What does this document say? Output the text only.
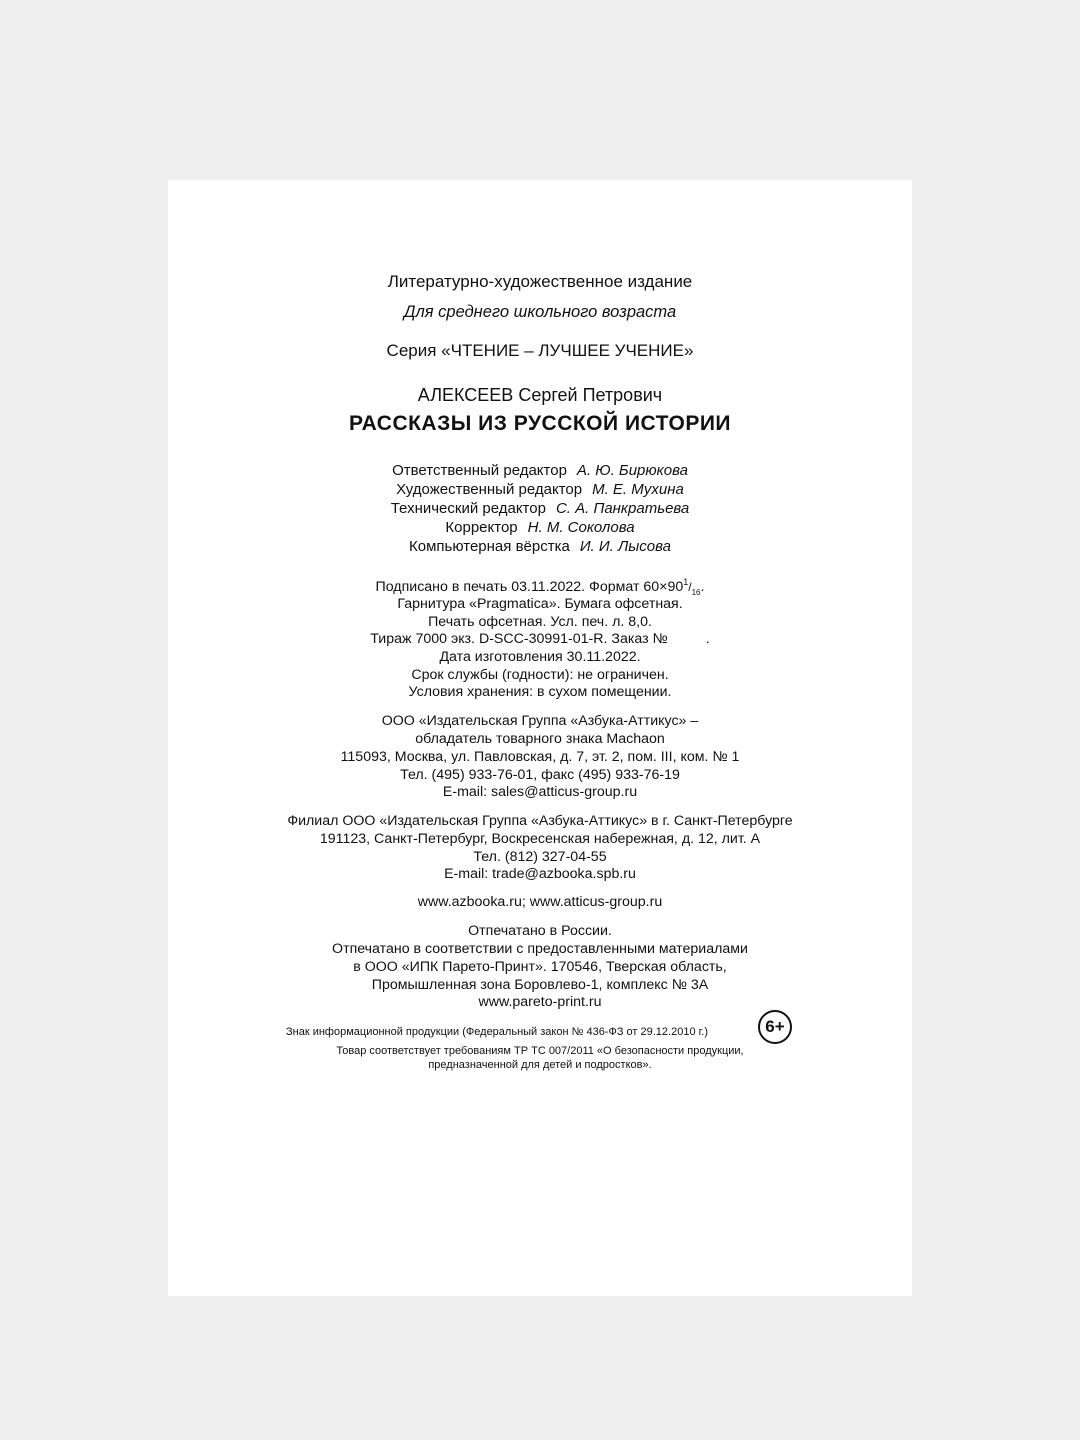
Литературно-художественное издание
Для среднего школьного возраста
Серия «ЧТЕНИЕ – ЛУЧШЕЕ УЧЕНИЕ»
АЛЕКСЕЕВ Сергей Петрович
РАССКАЗЫ ИЗ РУССКОЙ ИСТОРИИ
Ответственный редактор А. Ю. Бирюкова
Художественный редактор М. Е. Мухина
Технический редактор С. А. Панкратьева
Корректор Н. М. Соколова
Компьютерная вёрстка И. И. Лысова
Подписано в печать 03.11.2022. Формат $60\times 90^1/_{16}$.
Гарнитура «Pragmatica». Бумага офсетная.
Печать офсетная. Усл. печ. л. 8,0.
Тираж 7000 экз. D-SCC-30991-01-R. Заказ №	.
Дата изготовления 30.11.2022.
Срок службы (годности): не ограничен.
Условия хранения: в сухом помещении.
ООО «Издательская Группа «Азбука-Аттикус» –
обладатель товарного знака Machaon
115093, Москва, ул. Павловская, д. 7, эт. 2, пом. III, ком. № 1
Тел. (495) 933-76-01, факс (495) 933-76-19
E-mail: sales@atticus-group.ru
Филиал ООО «Издательская Группа «Азбука-Аттикус» в г. Санкт-Петербурге
191123, Санкт-Петербург, Воскресенская набережная, д. 12, лит. А
Тел. (812) 327-04-55
E-mail: trade@azbooka.spb.ru
www.azbooka.ru; www.atticus-group.ru
Отпечатано в России.
Отпечатано в соответствии с предоставленными материалами
в ООО «ИПК Парето-Принт». 170546, Тверская область,
Промышленная зона Боровлево-1, комплекс № 3А
www.pareto-print.ru
Знак информационной продукции (Федеральный закон № 436-ФЗ от 29.12.2010 г.)	6+
Товар соответствует требованиям ТР ТС 007/2011 «О безопасности продукции,
предназначенной для детей и подростков».
